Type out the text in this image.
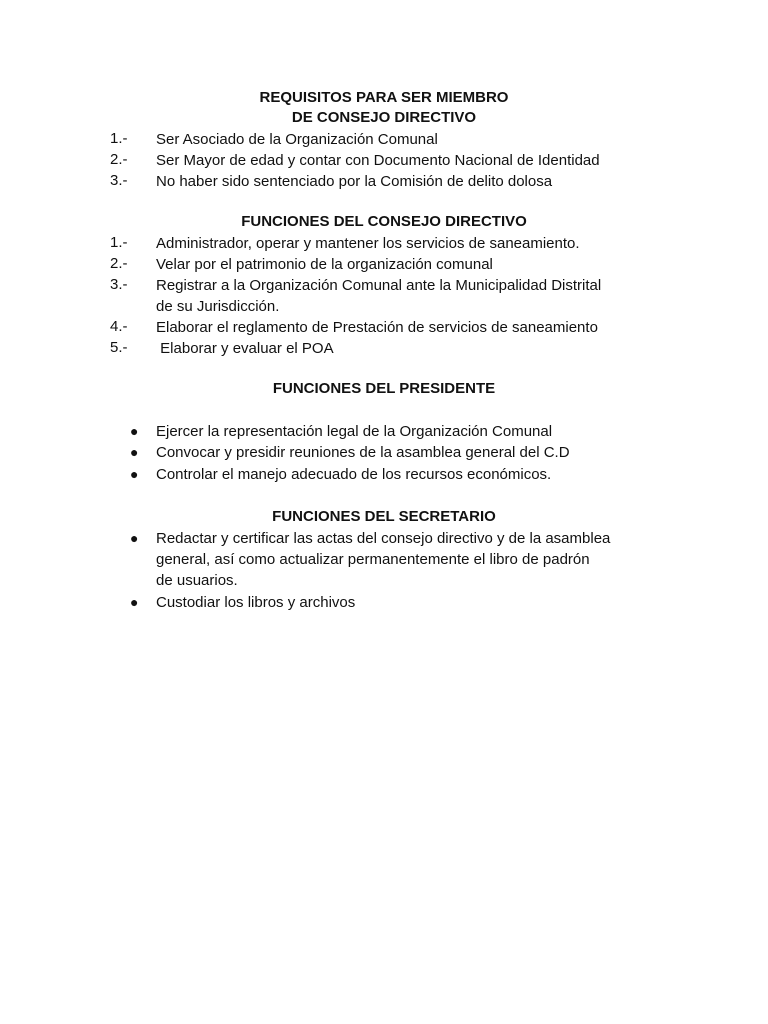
REQUISITOS PARA SER MIEMBRO

DE CONSEJO DIRECTIVO

1.-	Ser Asociado de la Organización Comunal

2.-	Ser Mayor de edad y contar con Documento Nacional de Identidad

3.-	No haber sido sentenciado por la Comisión de delito dolosa

FUNCIONES DEL CONSEJO DIRECTIVO

1.-	Administrador, operar y mantener los servicios de saneamiento.

2.-	Velar por el patrimonio de la organización comunal

3.-	Registrar a la Organización Comunal ante la Municipalidad Distrital

de su Jurisdicción.

4.-	Elaborar el reglamento de Prestación de servicios de saneamiento

5.-	Elaborar y evaluar el POA

FUNCIONES DEL PRESIDENTE

●	Ejercer la representación legal de la Organización Comunal

●	Convocar y presidir reuniones de la asamblea general del C.D

●	Controlar el manejo adecuado de los recursos económicos.

FUNCIONES DEL SECRETARIO

●	Redactar y certificar las actas del consejo directivo y de la asamblea

general, así como actualizar permanentemente el libro de padrón

de usuarios.

●	Custodiar los libros y archivos
